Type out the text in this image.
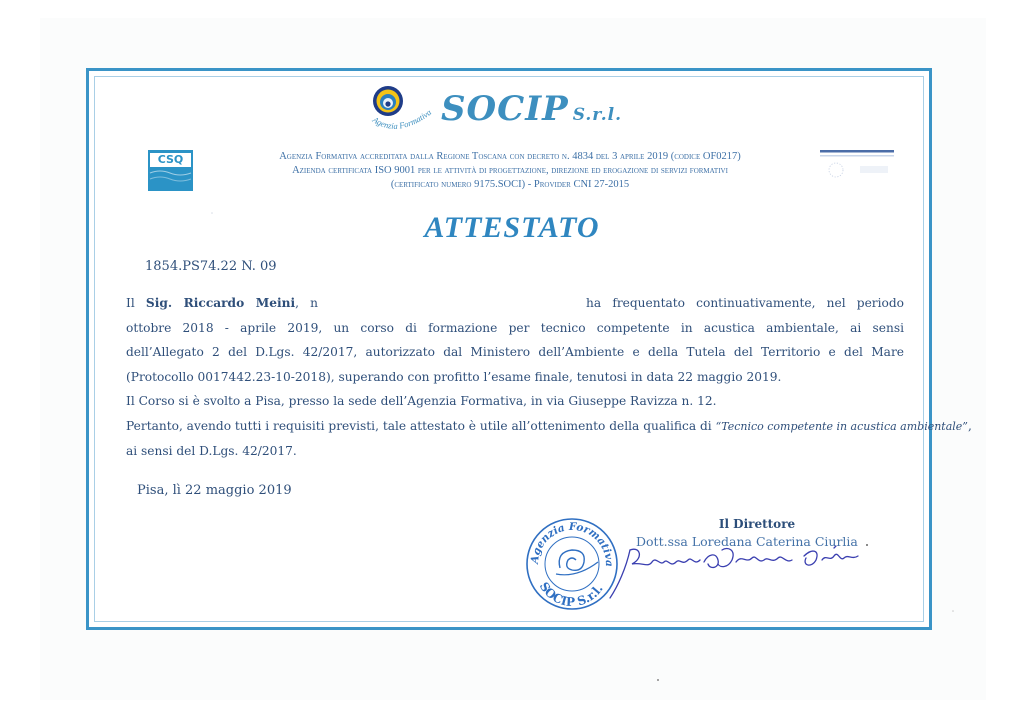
Agenzia Formativa SOCIP S.r.l.
CSQ	Agenzia Formativa accreditata dalla Regione Toscana con decreto n. 4834 del 3 aprile 2019 (codice OF0217)
Azienda certificata ISO 9001 per le attività di progettazione, direzione ed erogazione di servizi formativi
(certificato numero 9175.SOCI) - Provider CNI 27-2015
ATTESTATO
1854.PS74.22 N. 09
Il Sig. Riccardo Meini, n	ha frequentato continuativamente, nel periodo
ottobre 2018 - aprile 2019, un corso di formazione per tecnico competente in acustica ambientale, ai sensi
dell’Allegato 2 del D.Lgs. 42/2017, autorizzato dal Ministero dell’Ambiente e della Tutela del Territorio e del Mare
(Protocollo 0017442.23-10-2018), superando con profitto l’esame finale, tenutosi in data 22 maggio 2019.
Il Corso si è svolto a Pisa, presso la sede dell’Agenzia Formativa, in via Giuseppe Ravizza n. 12.
Pertanto, avendo tutti i requisiti previsti, tale attestato è utile all’ottenimento della qualifica di “Tecnico competente in acustica ambientale”,
ai sensi del D.Lgs. 42/2017.
Pisa, lì 22 maggio 2019
Il Direttore
Dott.ssa Loredana Caterina Ciurlia
Agenzia Formativa
SOCIP S.r.l.
